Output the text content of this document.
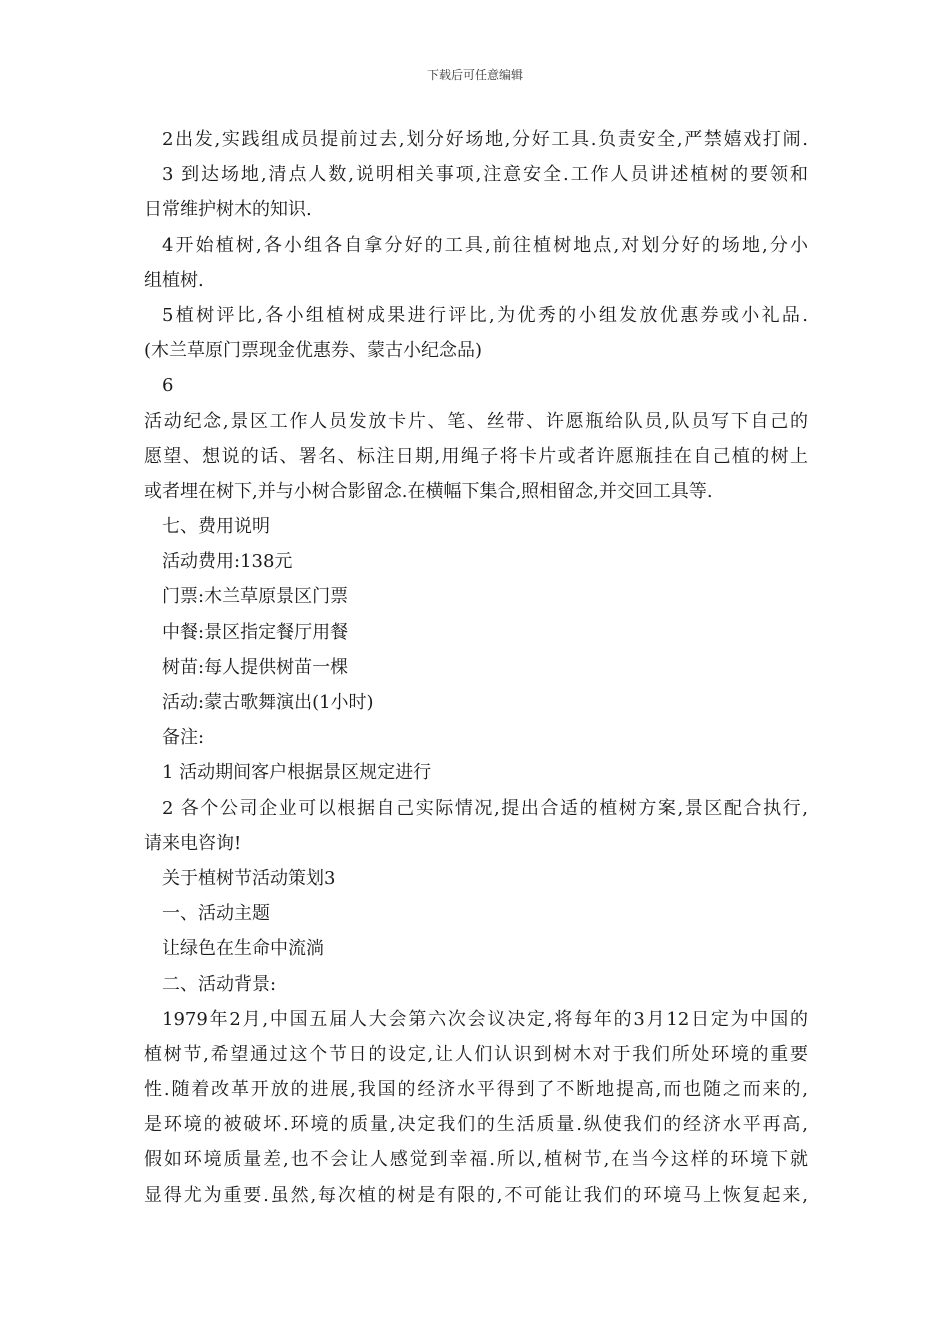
下载后可任意编辑
2出发,实践组成员提前过去,划分好场地,分好工具.负责安全,严禁嬉戏打闹.
3 到达场地,清点人数,说明相关事项,注意安全.工作人员讲述植树的要领和
日常维护树木的知识.
4开始植树,各小组各自拿分好的工具,前往植树地点,对划分好的场地,分小
组植树.
5植树评比,各小组植树成果进行评比,为优秀的小组发放优惠券或小礼品.
(木兰草原门票现金优惠券、蒙古小纪念品)
6
活动纪念,景区工作人员发放卡片、笔、丝带、许愿瓶给队员,队员写下自己的
愿望、想说的话、署名、标注日期,用绳子将卡片或者许愿瓶挂在自己植的树上
或者埋在树下,并与小树合影留念.在横幅下集合,照相留念,并交回工具等.
七、费用说明
活动费用:138元
门票:木兰草原景区门票
中餐:景区指定餐厅用餐
树苗:每人提供树苗一棵
活动:蒙古歌舞演出(1小时)
备注:
1 活动期间客户根据景区规定进行
2 各个公司企业可以根据自己实际情况,提出合适的植树方案,景区配合执行,
请来电咨询!
关于植树节活动策划3
一、活动主题
让绿色在生命中流淌
二、活动背景:
1979年2月,中国五届人大会第六次会议决定,将每年的3月12日定为中国的
植树节,希望通过这个节日的设定,让人们认识到树木对于我们所处环境的重要
性.随着改革开放的进展,我国的经济水平得到了不断地提高,而也随之而来的,
是环境的被破坏.环境的质量,决定我们的生活质量.纵使我们的经济水平再高,
假如环境质量差,也不会让人感觉到幸福.所以,植树节,在当今这样的环境下就
显得尤为重要.虽然,每次植的树是有限的,不可能让我们的环境马上恢复起来,
